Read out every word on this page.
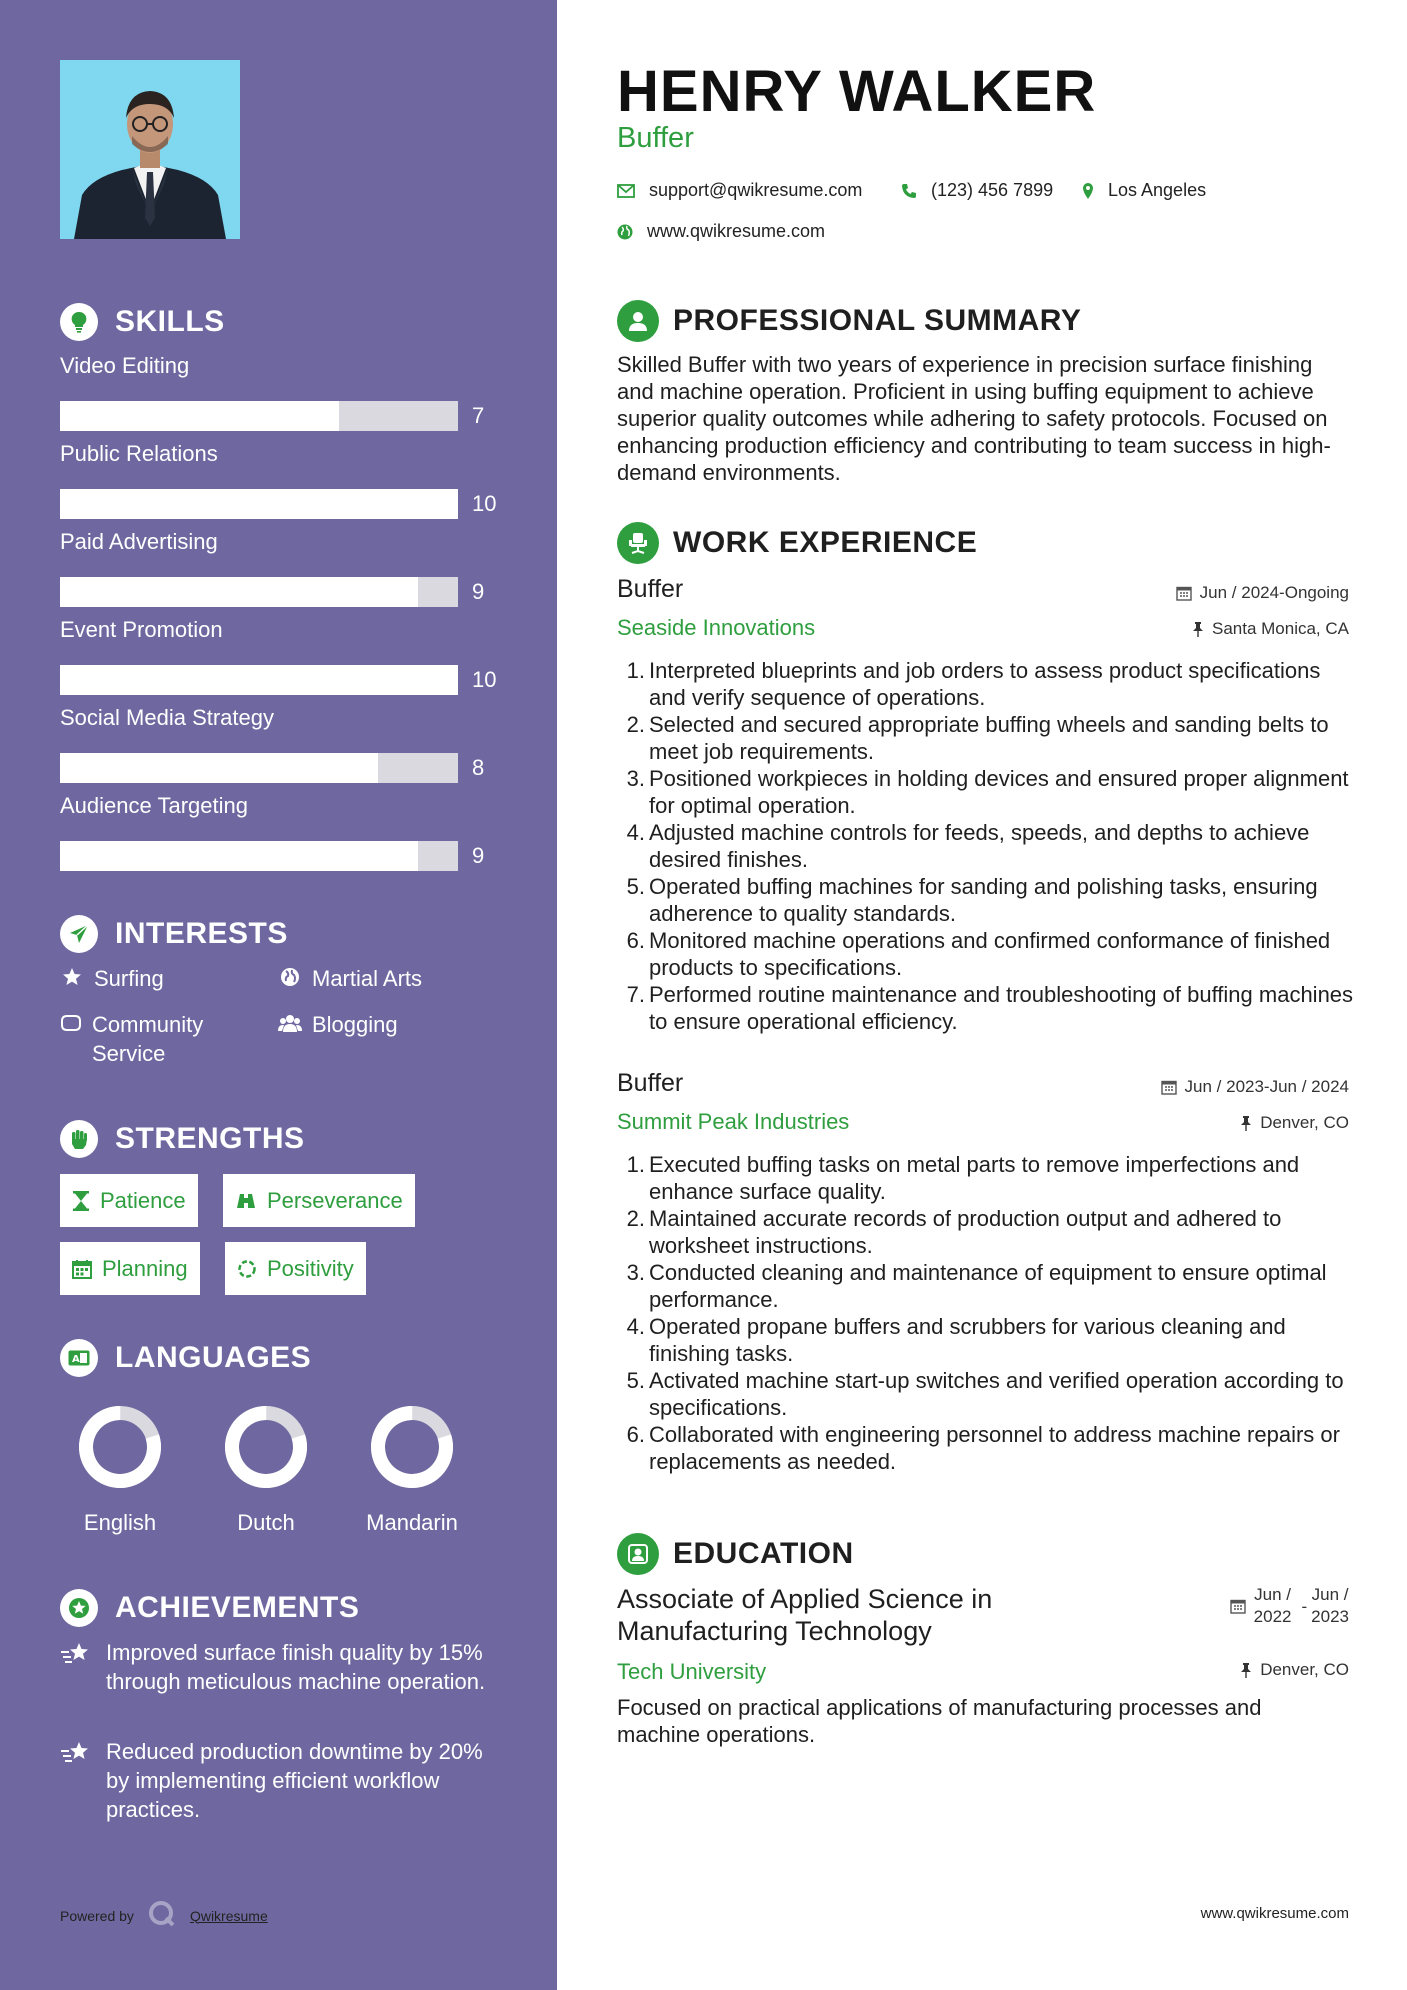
SKILLS
Video Editing
7
Public Relations
10
Paid Advertising
9
Event Promotion
10
Social Media Strategy
8
Audience Targeting
9
INTERESTS
Surfing	Martial Arts
Community Service
Blogging
STRENGTHS
Patience	Perseverance
Planning	Positivity
A LANGUAGES
English	Dutch	Mandarin
ACHIEVEMENTS
Improved surface finish quality by 15% through meticulous machine operation.
Reduced production downtime by 20% by implementing efficient workflow practices.
Powered by	Qwikresume
HENRY WALKER
Buffer
support@qwikresume.com	(123) 456 7899	Los Angeles
www.qwikresume.com
PROFESSIONAL SUMMARY
Skilled Buffer with two years of experience in precision surface finishing and machine operation. Proficient in using buffing equipment to achieve superior quality outcomes while adhering to safety protocols. Focused on enhancing production efficiency and contributing to team success in high-demand environments.
WORK EXPERIENCE
Buffer	Jun / 2024-Ongoing
Seaside Innovations	Santa Monica, CA
1. Interpreted blueprints and job orders to assess product specifications and verify sequence of operations.
2. Selected and secured appropriate buffing wheels and sanding belts to meet job requirements.
3. Positioned workpieces in holding devices and ensured proper alignment for optimal operation.
4. Adjusted machine controls for feeds, speeds, and depths to achieve desired finishes.
5. Operated buffing machines for sanding and polishing tasks, ensuring adherence to quality standards.
6. Monitored machine operations and confirmed conformance of finished products to specifications.
7. Performed routine maintenance and troubleshooting of buffing machines to ensure operational efficiency.
Buffer	Jun / 2023-Jun / 2024
Summit Peak Industries	Denver, CO
1. Executed buffing tasks on metal parts to remove imperfections and enhance surface quality.
2. Maintained accurate records of production output and adhered to worksheet instructions.
3. Conducted cleaning and maintenance of equipment to ensure optimal performance.
4. Operated propane buffers and scrubbers for various cleaning and finishing tasks.
5. Activated machine start-up switches and verified operation according to specifications.
6. Collaborated with engineering personnel to address machine repairs or replacements as needed.
EDUCATION
Associate of Applied Science in Manufacturing Technology
Jun /
2022
-
Jun /
2023
Tech University	Denver, CO
Focused on practical applications of manufacturing processes and machine operations.
www.qwikresume.com
